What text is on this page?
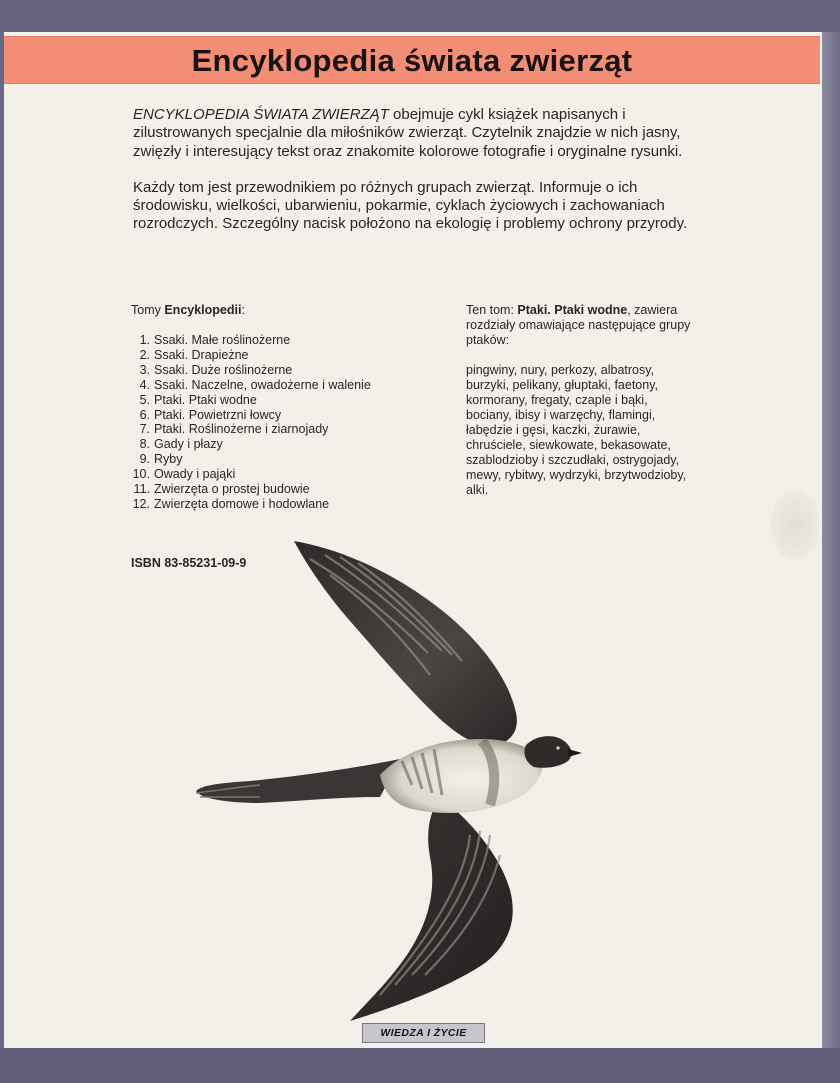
Encyklopedia świata zwierząt

ENCYKLOPEDIA ŚWIATA ZWIERZĄT obejmuje cykl książek napisanych i zilustrowanych specjalnie dla miłośników zwierząt. Czytelnik znajdzie w nich jasny, zwięzły i interesujący tekst oraz znakomite kolorowe fotografie i oryginalne rysunki.

Każdy tom jest przewodnikiem po różnych grupach zwierząt. Informuje o ich środowisku, wielkości, ubarwieniu, pokarmie, cyklach życiowych i zachowaniach rozrodczych. Szczególny nacisk położono na ekologię i problemy ochrony przyrody.

Tomy Encyklopedii:
1. Ssaki. Małe roślinożerne
2. Ssaki. Drapieżne
3. Ssaki. Duże roślinożerne
4. Ssaki. Naczelne, owadożerne i walenie
5. Ptaki. Ptaki wodne
6. Ptaki. Powietrzni łowcy
7. Ptaki. Roślinożerne i ziarnojady
8. Gady i płazy
9. Ryby
10. Owady i pająki
11. Zwierzęta o prostej budowie
12. Zwierzęta domowe i hodowlane
ISBN 83-85231-09-9

Ten tom: Ptaki. Ptaki wodne, zawiera rozdziały omawiające następujące grupy ptaków:

pingwiny, nury, perkozy, albatrosy, burzyki, pelikany, głuptaki, faetony, kormorany, fregaty, czaple i bąki, bociany, ibisy i warzęchy, flamingi, łabędzie i gęsi, kaczki, żurawie, chruściele, siewkowate, bekasowate, szablodzioby i szczudłaki, ostrygojady, mewy, rybitwy, wydrzyki, brzytwodzioby, alki.

WIEDZA I ŻYCIE
